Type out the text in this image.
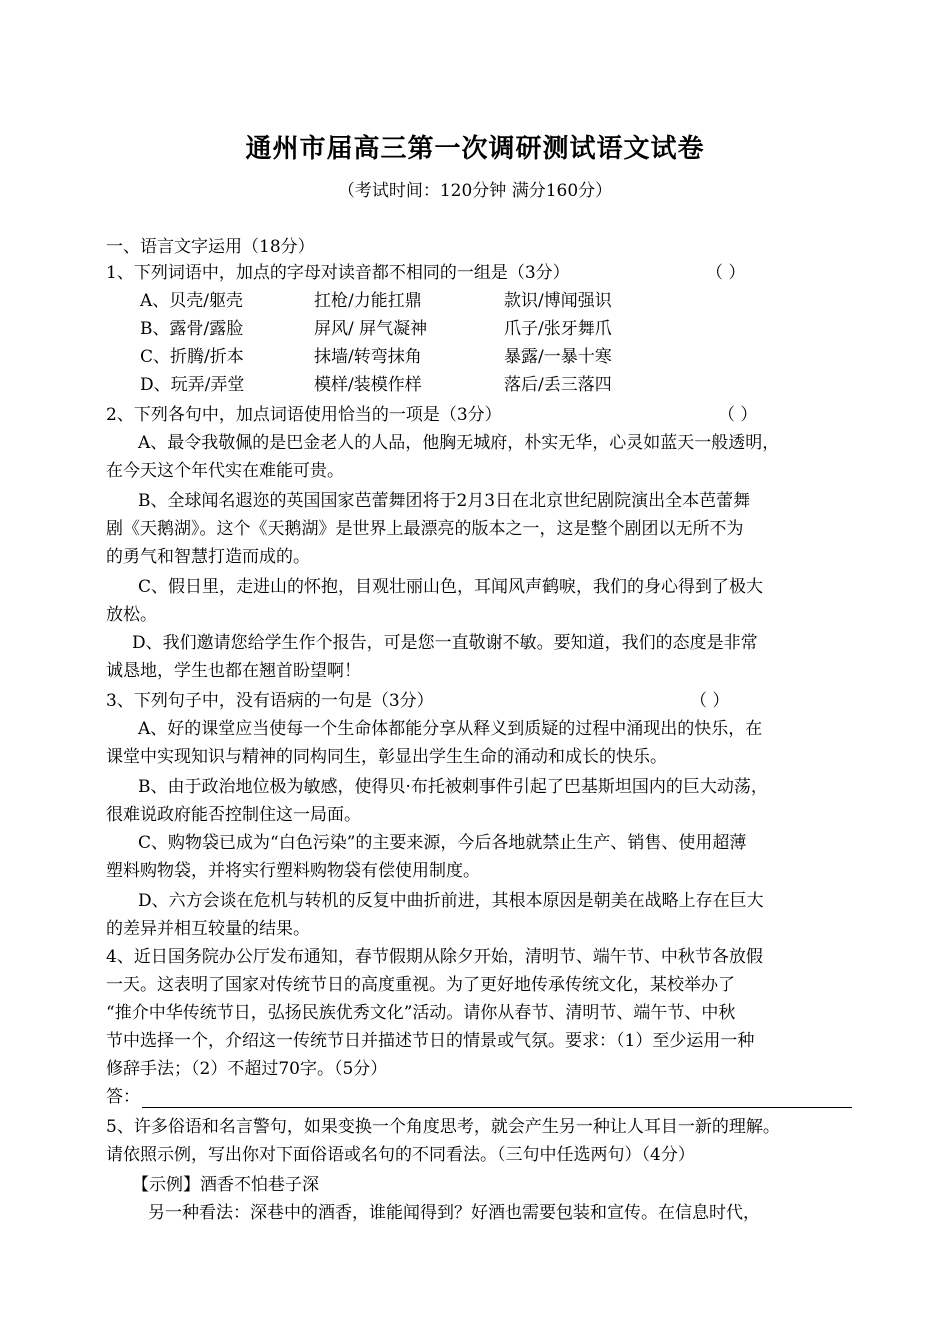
通州市届高三第一次调研测试语文试卷
（考试时间：120分钟 满分160分）
一、语言文字运用（18分）
1、下列词语中，加点的字母对读音都不相同的一组是（3分）	（ ）
A、贝壳/躯壳	扛枪/力能扛鼎	款识/博闻强识
B、露骨/露脸	屏风/ 屏气凝神	爪子/张牙舞爪
C、折腾/折本	抹墙/转弯抹角	暴露/一暴十寒
D、玩弄/弄堂	模样/装模作样	落后/丢三落四
2、下列各句中，加点词语使用恰当的一项是（3分）	（ ）
A、最令我敬佩的是巴金老人的人品，他胸无城府，朴实无华，心灵如蓝天一般透明，
在今天这个年代实在难能可贵。
B、全球闻名遐迩的英国国家芭蕾舞团将于2月3日在北京世纪剧院演出全本芭蕾舞
剧《天鹅湖》。这个《天鹅湖》是世界上最漂亮的版本之一，这是整个剧团以无所不为
的勇气和智慧打造而成的。
C、假日里，走进山的怀抱，目观壮丽山色，耳闻风声鹤唳，我们的身心得到了极大
放松。
D、我们邀请您给学生作个报告，可是您一直敬谢不敏。要知道，我们的态度是非常
诚恳地，学生也都在翘首盼望啊！
3、下列句子中，没有语病的一句是（3分）	（ ）
A、好的课堂应当使每一个生命体都能分享从释义到质疑的过程中涌现出的快乐，在
课堂中实现知识与精神的同构同生，彰显出学生生命的涌动和成长的快乐。
B、由于政治地位极为敏感，使得贝·布托被刺事件引起了巴基斯坦国内的巨大动荡，
很难说政府能否控制住这一局面。
C、购物袋已成为“白色污染”的主要来源，今后各地就禁止生产、销售、使用超薄
塑料购物袋，并将实行塑料购物袋有偿使用制度。
D、六方会谈在危机与转机的反复中曲折前进，其根本原因是朝美在战略上存在巨大
的差异并相互较量的结果。
4、近日国务院办公厅发布通知，春节假期从除夕开始，清明节、端午节、中秋节各放假
一天。这表明了国家对传统节日的高度重视。为了更好地传承传统文化，某校举办了
“推介中华传统节日，弘扬民族优秀文化”活动。请你从春节、清明节、端午节、中秋
节中选择一个，介绍这一传统节日并描述节日的情景或气氛。要求：（1）至少运用一种
修辞手法；（2）不超过70字。（5分）
答：
5、许多俗语和名言警句，如果变换一个角度思考，就会产生另一种让人耳目一新的理解。
请依照示例，写出你对下面俗语或名句的不同看法。（三句中任选两句）（4分）
【示例】酒香不怕巷子深
另一种看法：深巷中的酒香，谁能闻得到？好酒也需要包装和宣传。在信息时代，
